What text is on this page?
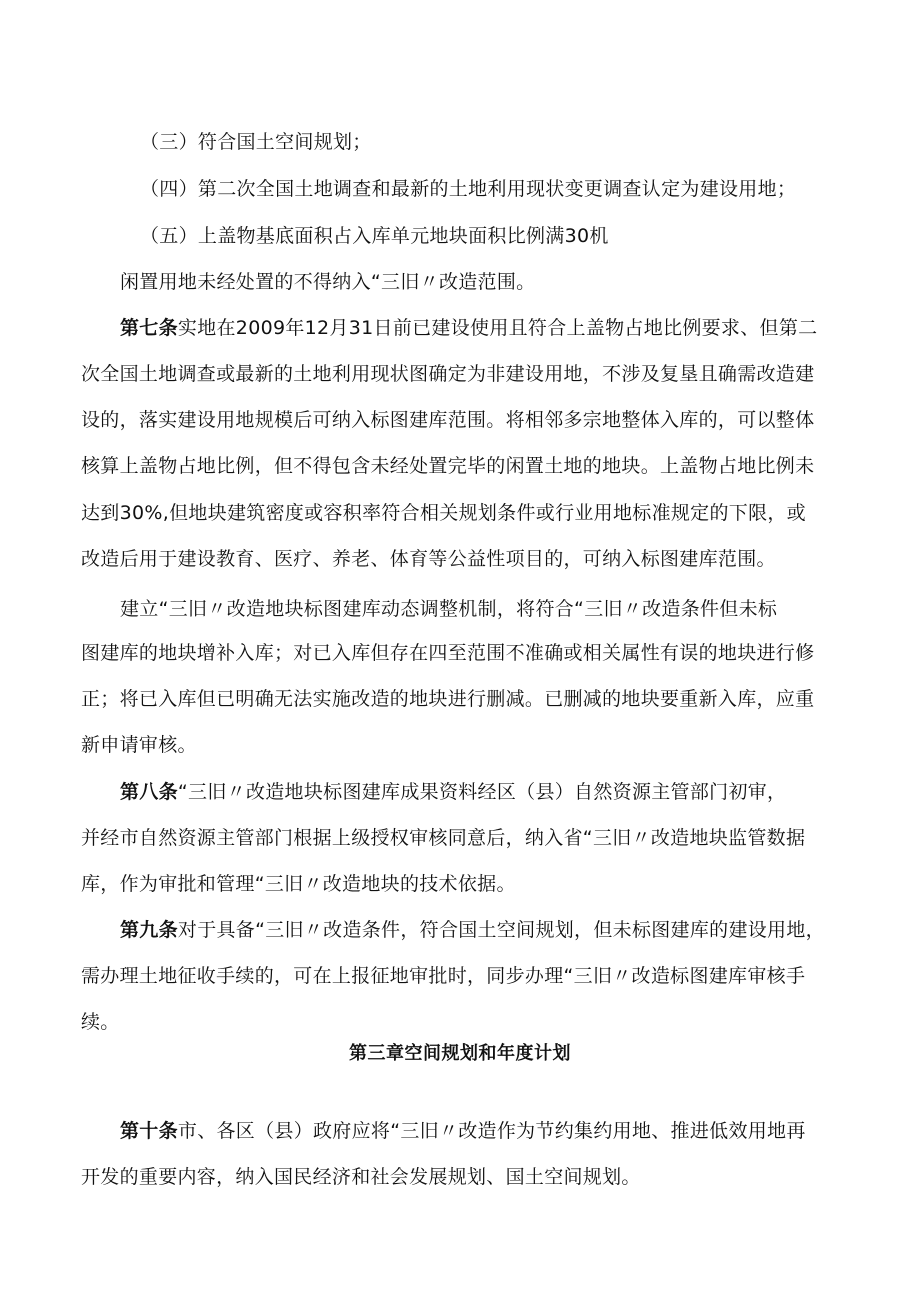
（三）符合国土空间规划；
（四）第二次全国土地调查和最新的土地利用现状变更调查认定为建设用地；
（五）上盖物基底面积占入库单元地块面积比例满30机
闲置用地未经处置的不得纳入“三旧〃改造范围。
第七条实地在2009年12月31日前已建设使用且符合上盖物占地比例要求、但第二
次全国土地调查或最新的土地利用现状图确定为非建设用地，不涉及复垦且确需改造建
设的，落实建设用地规模后可纳入标图建库范围。将相邻多宗地整体入库的，可以整体
核算上盖物占地比例，但不得包含未经处置完毕的闲置土地的地块。上盖物占地比例未
达到30%,但地块建筑密度或容积率符合相关规划条件或行业用地标准规定的下限，或
改造后用于建设教育、医疗、养老、体育等公益性项目的，可纳入标图建库范围。
建立“三旧〃改造地块标图建库动态调整机制，将符合“三旧〃改造条件但未标
图建库的地块增补入库；对已入库但存在四至范围不准确或相关属性有误的地块进行修
正；将已入库但已明确无法实施改造的地块进行删减。已删减的地块要重新入库，应重
新申请审核。
第八条“三旧〃改造地块标图建库成果资料经区（县）自然资源主管部门初审，
并经市自然资源主管部门根据上级授权审核同意后，纳入省“三旧〃改造地块监管数据
库，作为审批和管理“三旧〃改造地块的技术依据。
第九条对于具备“三旧〃改造条件，符合国土空间规划，但未标图建库的建设用地，
需办理土地征收手续的，可在上报征地审批时，同步办理“三旧〃改造标图建库审核手
续。
第三章空间规划和年度计划
第十条市、各区（县）政府应将“三旧〃改造作为节约集约用地、推进低效用地再
开发的重要内容，纳入国民经济和社会发展规划、国土空间规划。
